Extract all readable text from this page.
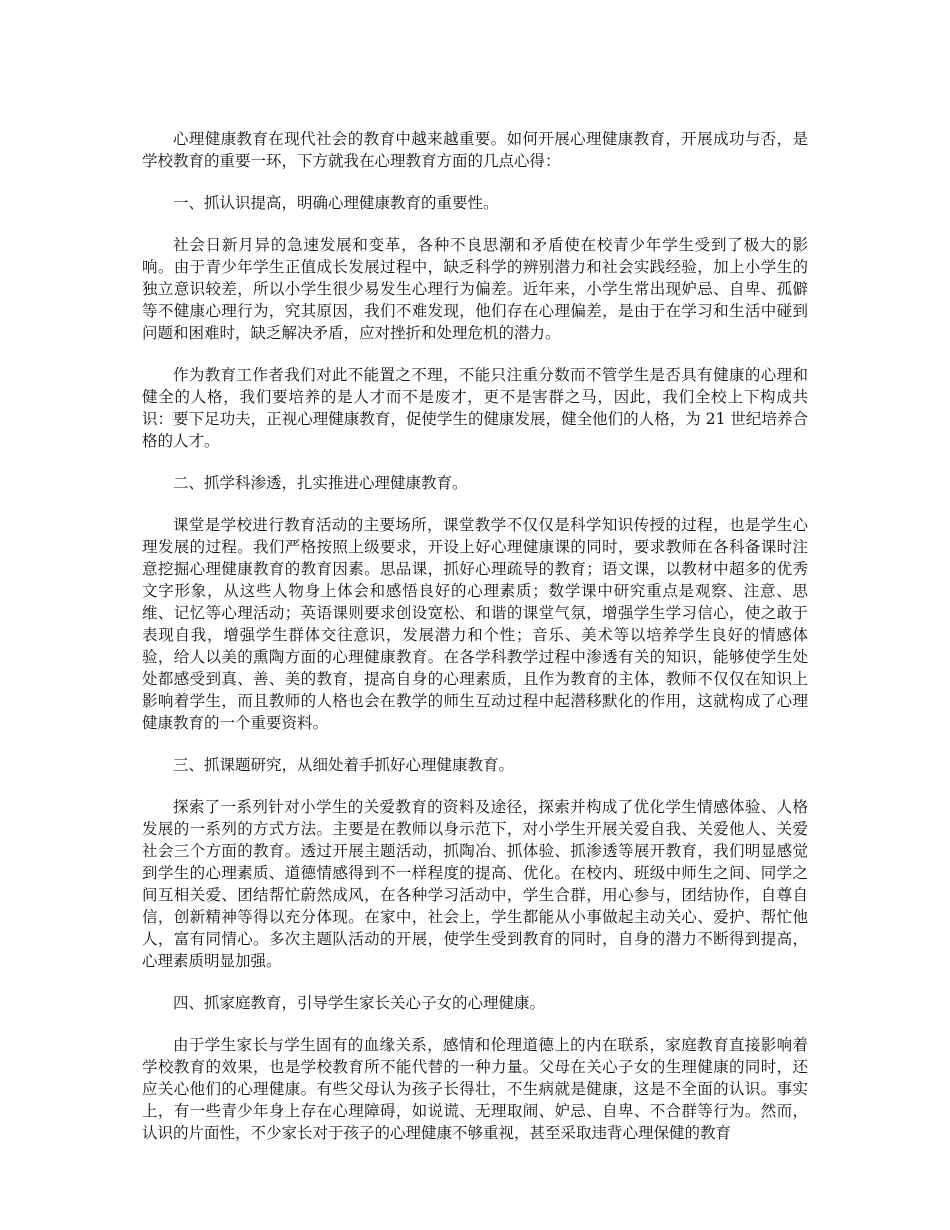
心理健康教育在现代社会的教育中越来越重要。如何开展心理健康教育，开展成功与否，是学校教育的重要一环，下方就我在心理教育方面的几点心得：

一、抓认识提高，明确心理健康教育的重要性。

社会日新月异的急速发展和变革，各种不良思潮和矛盾使在校青少年学生受到了极大的影响。由于青少年学生正值成长发展过程中，缺乏科学的辨别潜力和社会实践经验，加上小学生的独立意识较差，所以小学生很少易发生心理行为偏差。近年来，小学生常出现妒忌、自卑、孤僻等不健康心理行为，究其原因，我们不难发现，他们存在心理偏差，是由于在学习和生活中碰到问题和困难时，缺乏解决矛盾，应对挫折和处理危机的潜力。

作为教育工作者我们对此不能置之不理，不能只注重分数而不管学生是否具有健康的心理和健全的人格，我们要培养的是人才而不是废才，更不是害群之马，因此，我们全校上下构成共识：要下足功夫，正视心理健康教育，促使学生的健康发展，健全他们的人格，为 21 世纪培养合格的人才。

二、抓学科渗透，扎实推进心理健康教育。

课堂是学校进行教育活动的主要场所，课堂教学不仅仅是科学知识传授的过程，也是学生心理发展的过程。我们严格按照上级要求，开设上好心理健康课的同时，要求教师在各科备课时注意挖掘心理健康教育的教育因素。思品课，抓好心理疏导的教育；语文课，以教材中超多的优秀文字形象，从这些人物身上体会和感悟良好的心理素质；数学课中研究重点是观察、注意、思维、记忆等心理活动；英语课则要求创设宽松、和谐的课堂气氛，增强学生学习信心，使之敢于表现自我，增强学生群体交往意识，发展潜力和个性；音乐、美术等以培养学生良好的情感体验，给人以美的熏陶方面的心理健康教育。在各学科教学过程中渗透有关的知识，能够使学生处处都感受到真、善、美的教育，提高自身的心理素质，且作为教育的主体，教师不仅仅在知识上影响着学生，而且教师的人格也会在教学的师生互动过程中起潜移默化的作用，这就构成了心理健康教育的一个重要资料。

三、抓课题研究，从细处着手抓好心理健康教育。

探索了一系列针对小学生的关爱教育的资料及途径，探索并构成了优化学生情感体验、人格发展的一系列的方式方法。主要是在教师以身示范下，对小学生开展关爱自我、关爱他人、关爱社会三个方面的教育。透过开展主题活动，抓陶冶、抓体验、抓渗透等展开教育，我们明显感觉到学生的心理素质、道德情感得到不一样程度的提高、优化。在校内、班级中师生之间、同学之间互相关爱、团结帮忙蔚然成风，在各种学习活动中，学生合群，用心参与，团结协作，自尊自信，创新精神等得以充分体现。在家中，社会上，学生都能从小事做起主动关心、爱护、帮忙他人，富有同情心。多次主题队活动的开展，使学生受到教育的同时，自身的潜力不断得到提高，心理素质明显加强。

四、抓家庭教育，引导学生家长关心子女的心理健康。

由于学生家长与学生固有的血缘关系，感情和伦理道德上的内在联系，家庭教育直接影响着学校教育的效果，也是学校教育所不能代替的一种力量。父母在关心子女的生理健康的同时，还应关心他们的心理健康。有些父母认为孩子长得壮，不生病就是健康，这是不全面的认识。事实上，有一些青少年身上存在心理障碍，如说谎、无理取闹、妒忌、自卑、不合群等行为。然而，认识的片面性，不少家长对于孩子的心理健康不够重视，甚至采取违背心理保健的教育
